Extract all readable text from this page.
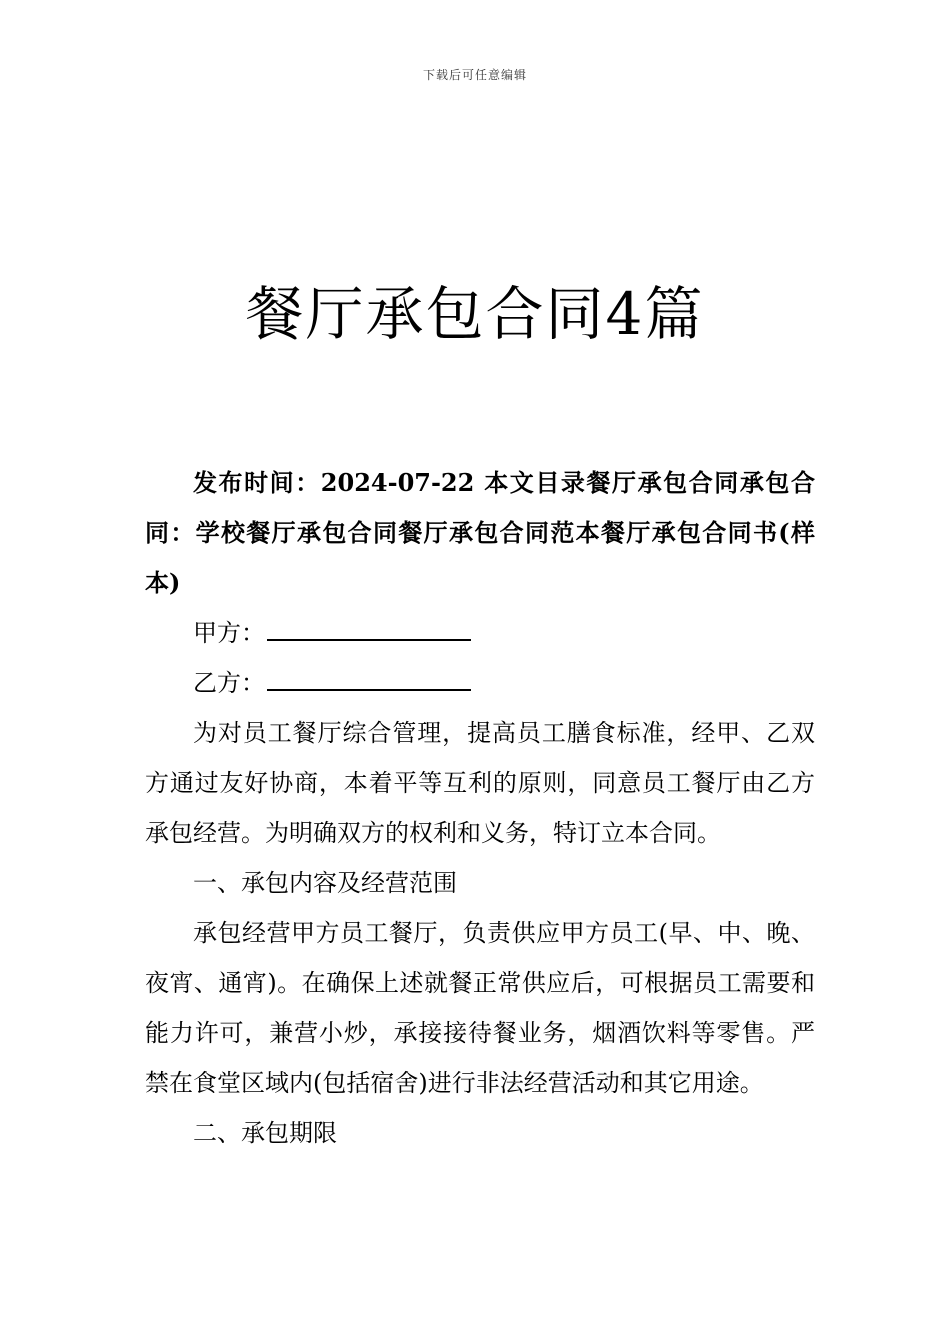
下载后可任意编辑
餐厅承包合同4篇

发布时间：2024-07-22 本文目录餐厅承包合同承包合同：学校餐厅承包合同餐厅承包合同范本餐厅承包合同书(样本)

甲方：

乙方：

为对员工餐厅综合管理，提高员工膳食标准，经甲、乙双方通过友好协商，本着平等互利的原则，同意员工餐厅由乙方承包经营。为明确双方的权利和义务，特订立本合同。

一、承包内容及经营范围

承包经营甲方员工餐厅，负责供应甲方员工(早、中、晚、夜宵、通宵)。在确保上述就餐正常供应后，可根据员工需要和能力许可，兼营小炒，承接接待餐业务，烟酒饮料等零售。严禁在食堂区域内(包括宿舍)进行非法经营活动和其它用途。

二、承包期限
